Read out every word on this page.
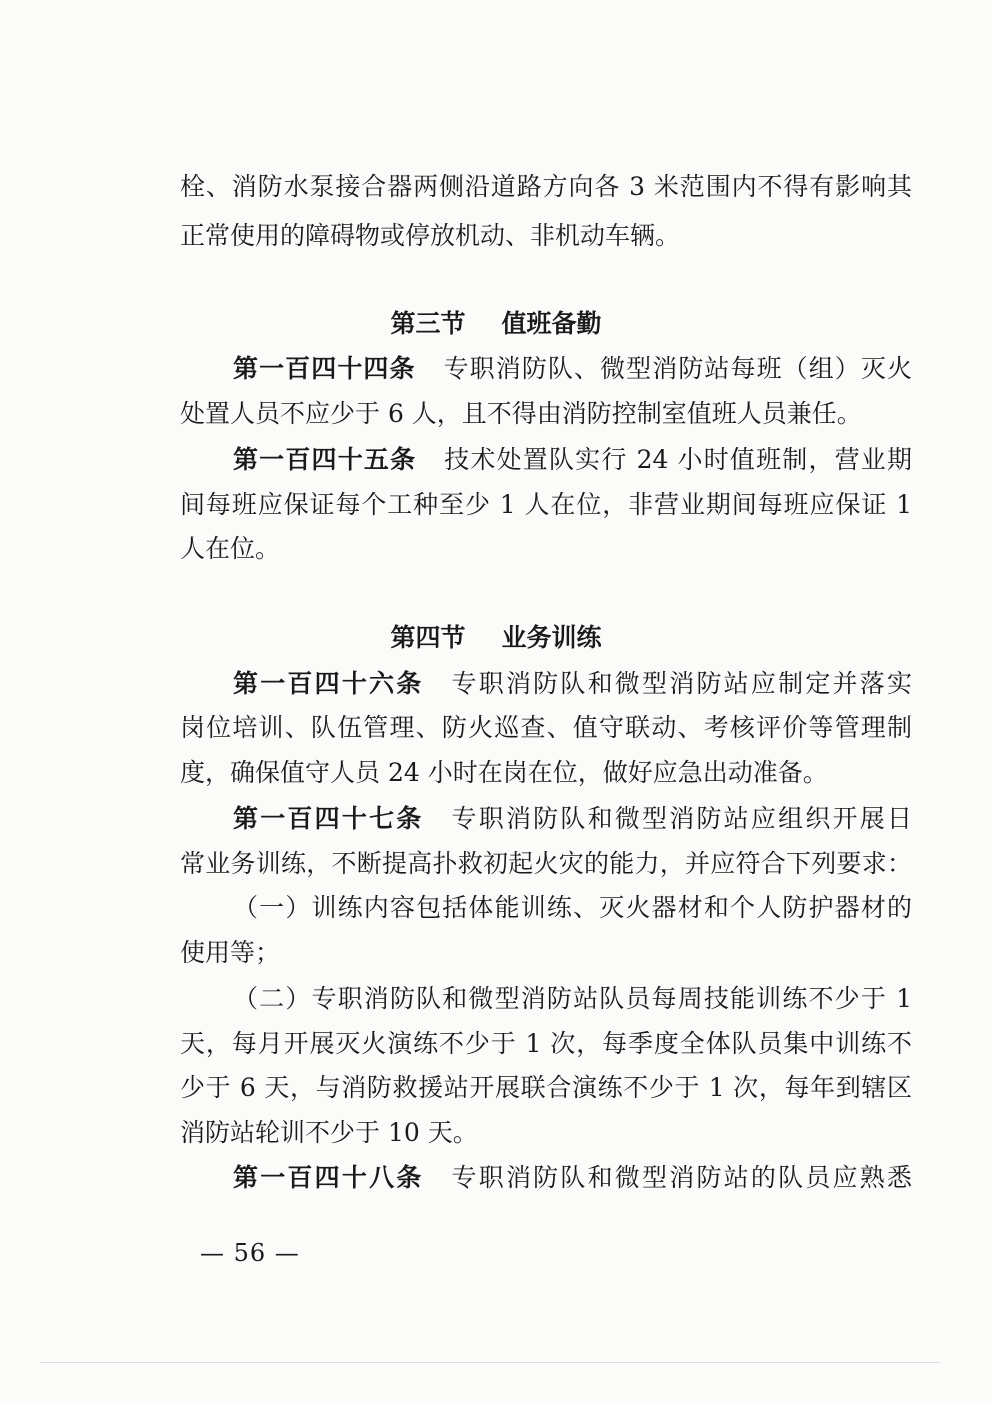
栓、消防水泵接合器两侧沿道路方向各 3 米范围内不得有影响其
正常使用的障碍物或停放机动、非机动车辆。
第三节 值班备勤
第一百四十四条 专职消防队、微型消防站每班（组）灭火
处置人员不应少于 6 人，且不得由消防控制室值班人员兼任。
第一百四十五条 技术处置队实行 24 小时值班制，营业期
间每班应保证每个工种至少 1 人在位，非营业期间每班应保证 1
人在位。
第四节 业务训练
第一百四十六条 专职消防队和微型消防站应制定并落实
岗位培训、队伍管理、防火巡查、值守联动、考核评价等管理制
度，确保值守人员 24 小时在岗在位，做好应急出动准备。
第一百四十七条 专职消防队和微型消防站应组织开展日
常业务训练，不断提高扑救初起火灾的能力，并应符合下列要求：
（一）训练内容包括体能训练、灭火器材和个人防护器材的
使用等；
（二）专职消防队和微型消防站队员每周技能训练不少于 1
天，每月开展灭火演练不少于 1 次，每季度全体队员集中训练不
少于 6 天，与消防救援站开展联合演练不少于 1 次，每年到辖区
消防站轮训不少于 10 天。
第一百四十八条 专职消防队和微型消防站的队员应熟悉
— 56 —
